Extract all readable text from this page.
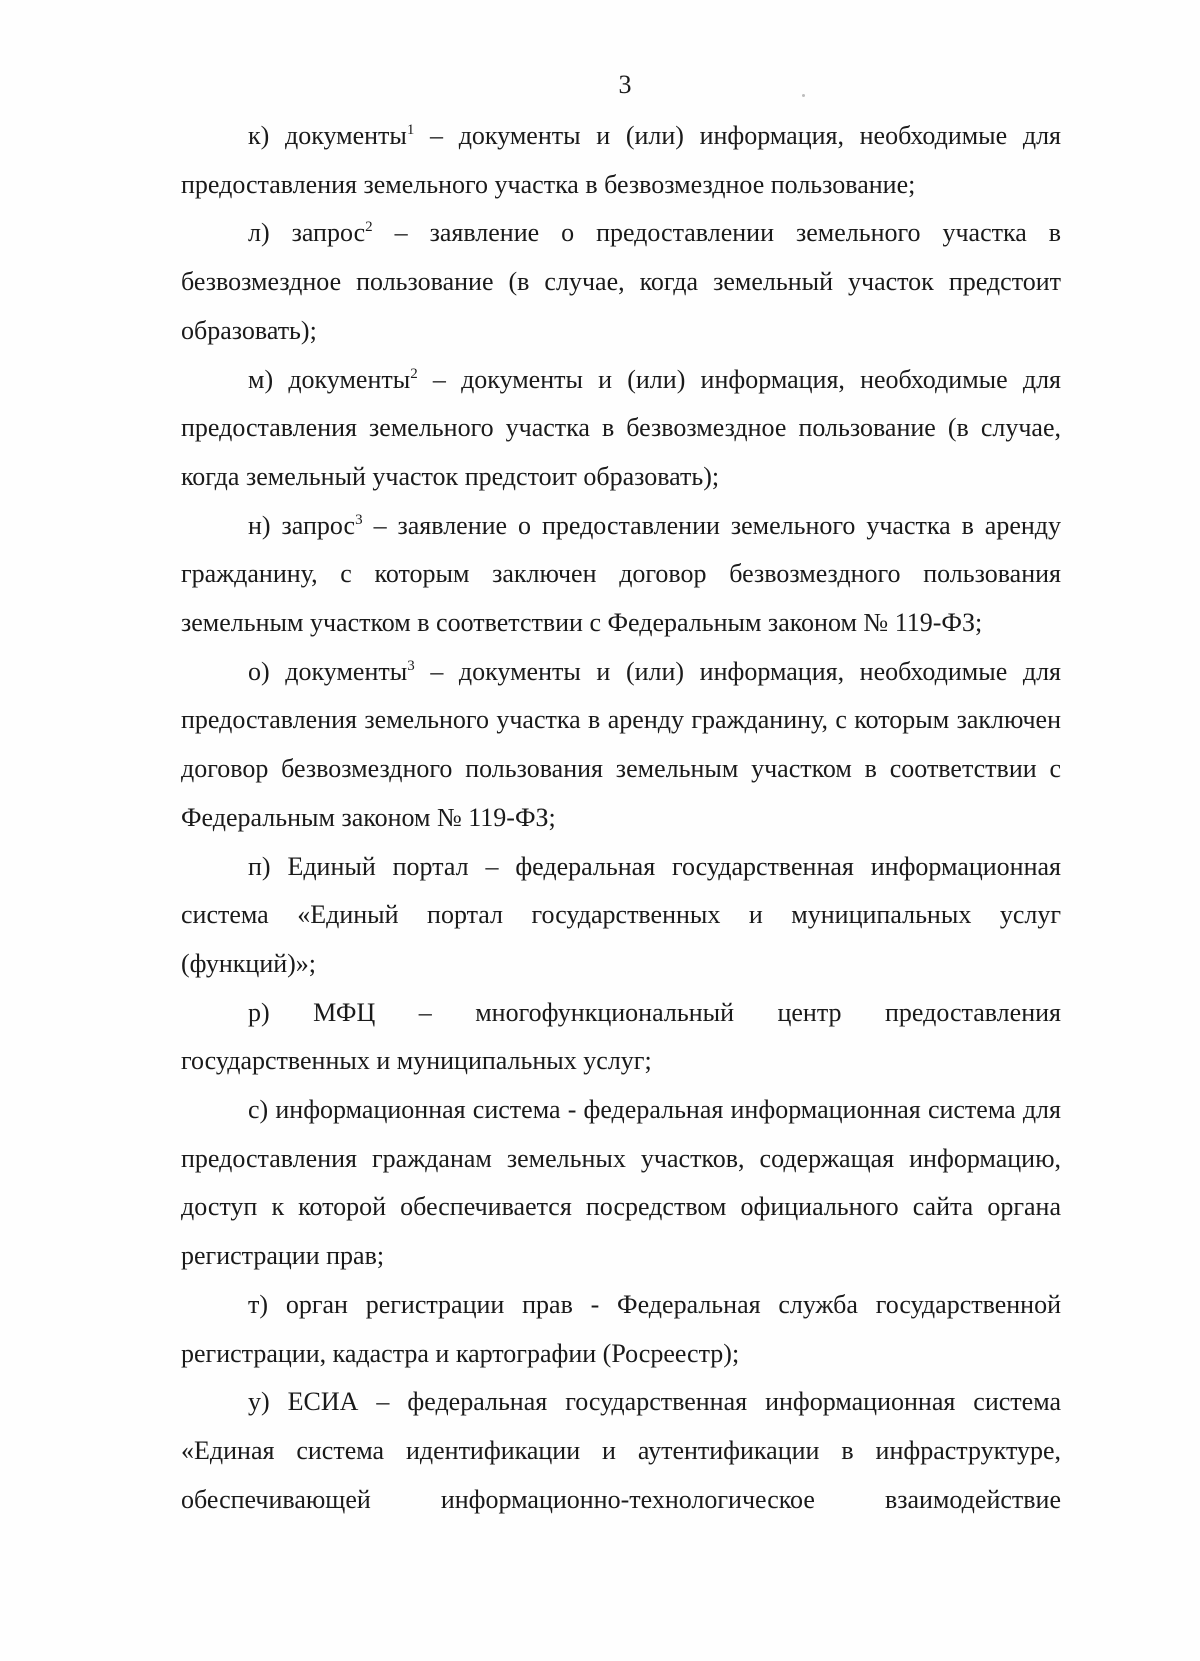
3

к) документы$^1$ – документы и (или) информация, необходимые для предоставления земельного участка в безвозмездное пользование;

л) запрос$^2$ – заявление о предоставлении земельного участка в безвозмездное пользование (в случае, когда земельный участок предстоит образовать);

м) документы$^2$ – документы и (или) информация, необходимые для предоставления земельного участка в безвозмездное пользование (в случае, когда земельный участок предстоит образовать);

н) запрос$^3$ – заявление о предоставлении земельного участка в аренду гражданину, с которым заключен договор безвозмездного пользования земельным участком в соответствии с Федеральным законом № 119-ФЗ;

о) документы$^3$ – документы и (или) информация, необходимые для предоставления земельного участка в аренду гражданину, с которым заключен договор безвозмездного пользования земельным участком в соответствии с Федеральным законом № 119-ФЗ;

п) Единый портал – федеральная государственная информационная система «Единый портал государственных и муниципальных услуг (функций)»;

р) МФЦ – многофункциональный центр предоставления государственных и муниципальных услуг;

с) информационная система - федеральная информационная система для предоставления гражданам земельных участков, содержащая информацию, доступ к которой обеспечивается посредством официального сайта органа регистрации прав;

т) орган регистрации прав - Федеральная служба государственной регистрации, кадастра и картографии (Росреестр);

у) ЕСИА – федеральная государственная информационная система «Единая система идентификации и аутентификации в инфраструктуре, обеспечивающей информационно-технологическое взаимодействие
